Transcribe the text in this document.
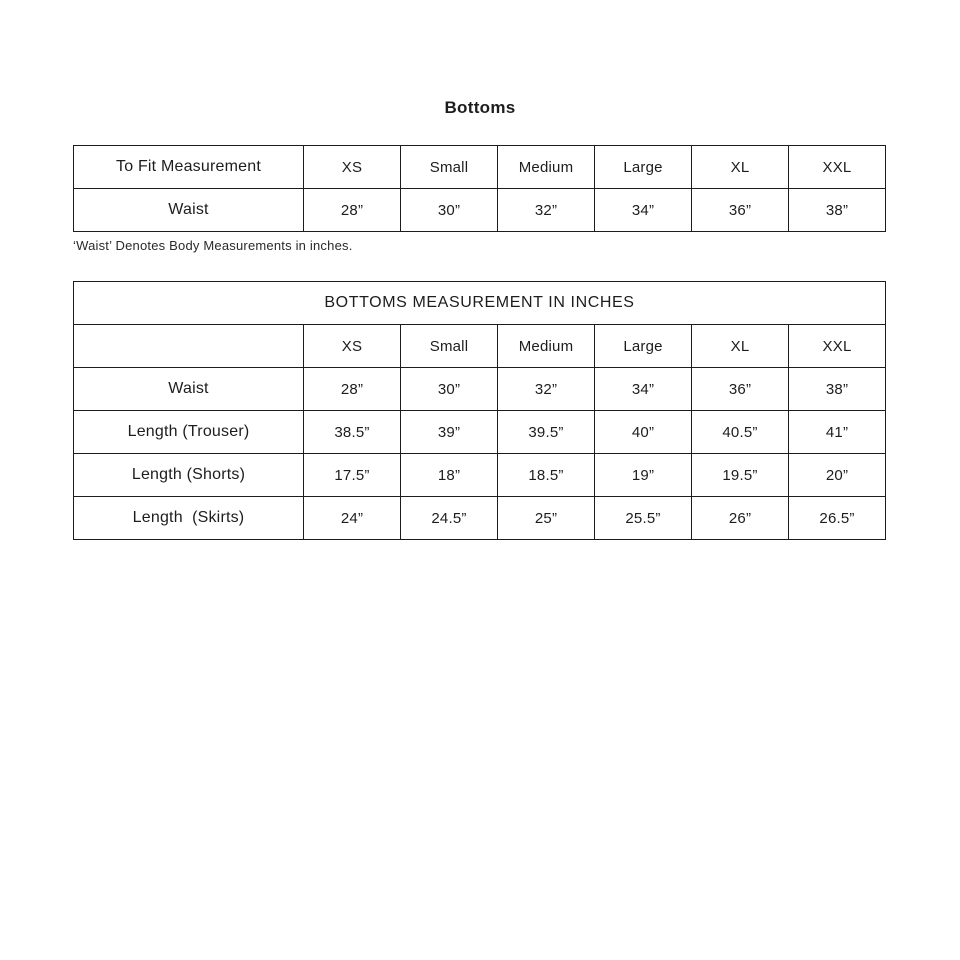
Bottoms
To Fit Measurement	XS	Small	Medium	Large	XL	XXL
Waist	28”	30”	32”	34”	36”	38”
‘Waist’ Denotes Body Measurements in inches.
BOTTOMS MEASUREMENT IN INCHES						
	XS	Small	Medium	Large	XL	XXL
Waist	28”	30”	32”	34”	36”	38”
Length (Trouser)	38.5”	39”	39.5”	40”	40.5”	41”
Length (Shorts)	17.5”	18”	18.5”	19”	19.5”	20”
Length  (Skirts)	24”	24.5”	25”	25.5”	26”	26.5”
